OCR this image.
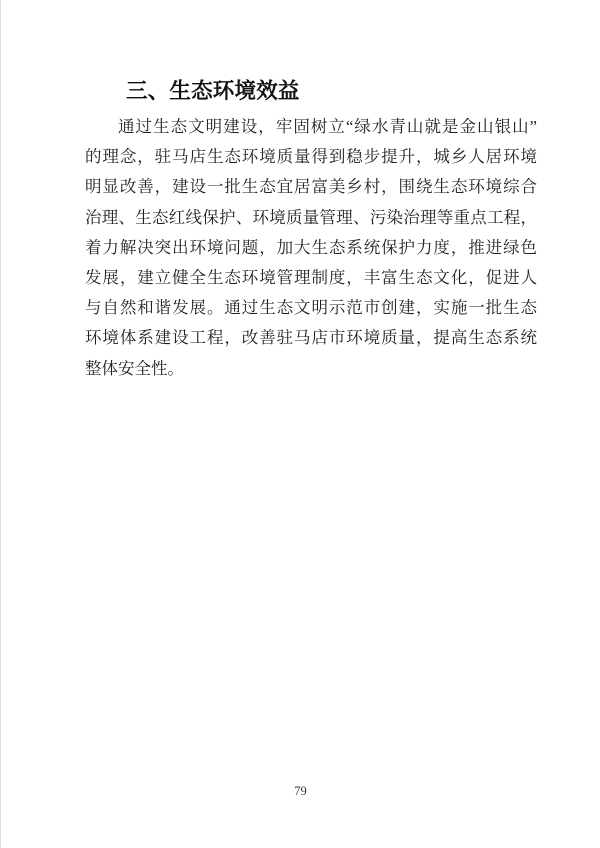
三、生态环境效益
通过生态文明建设，牢固树立“绿水青山就是金山银山”
的理念，驻马店生态环境质量得到稳步提升，城乡人居环境
明显改善，建设一批生态宜居富美乡村，围绕生态环境综合
治理、生态红线保护、环境质量管理、污染治理等重点工程，
着力解决突出环境问题，加大生态系统保护力度，推进绿色
发展，建立健全生态环境管理制度，丰富生态文化，促进人
与自然和谐发展。通过生态文明示范市创建，实施一批生态
环境体系建设工程，改善驻马店市环境质量，提高生态系统
整体安全性。
79
